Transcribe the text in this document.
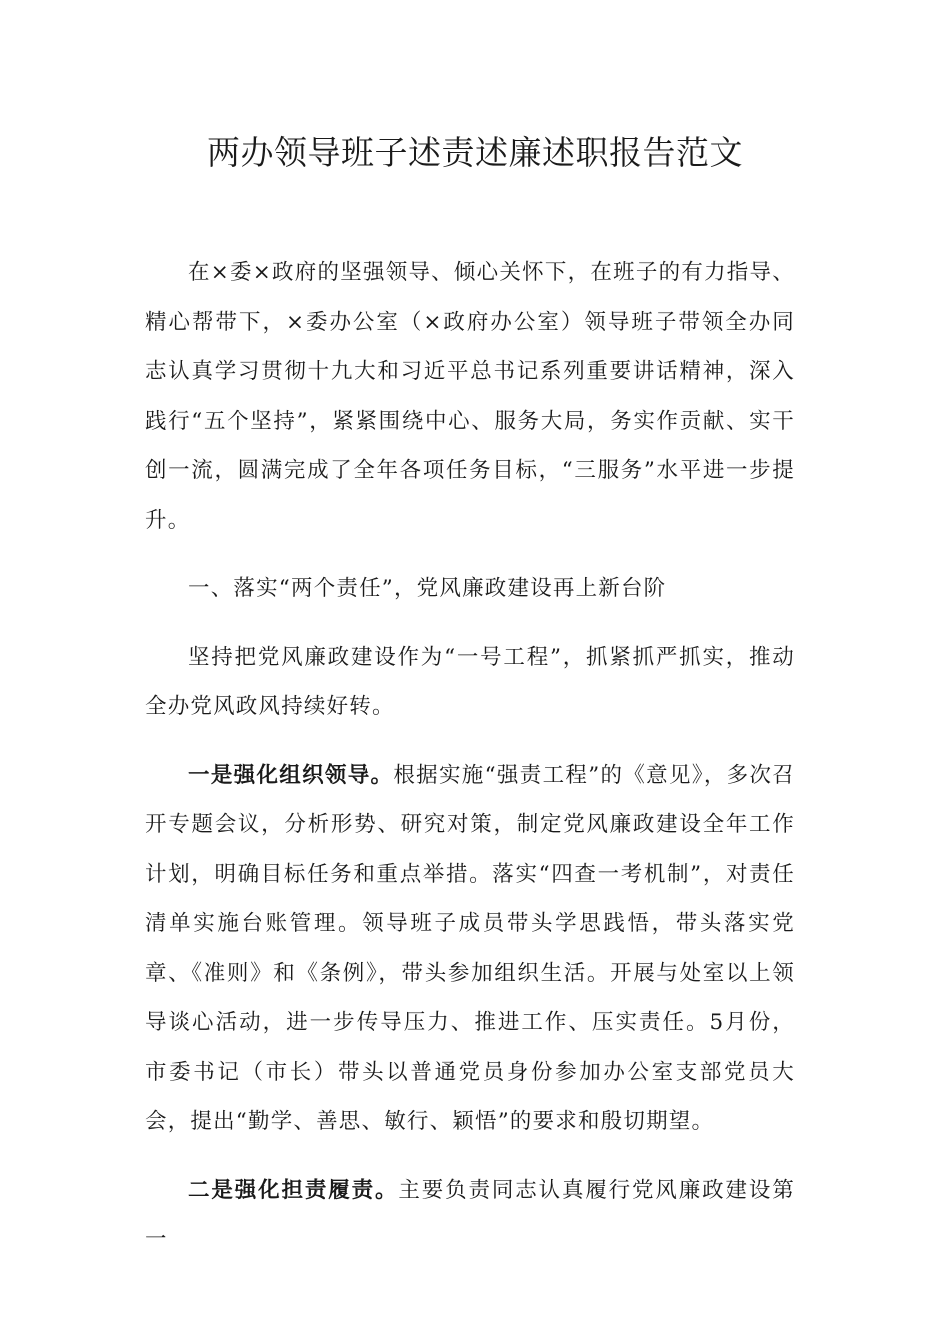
两办领导班子述责述廉述职报告范文

在×委×政府的坚强领导、倾心关怀下，在班子的有力指导、精心帮带下，×委办公室（×政府办公室）领导班子带领全办同志认真学习贯彻十九大和习近平总书记系列重要讲话精神，深入践行“五个坚持”，紧紧围绕中心、服务大局，务实作贡献、实干创一流，圆满完成了全年各项任务目标，“三服务”水平进一步提升。

一、落实“两个责任”，党风廉政建设再上新台阶

坚持把党风廉政建设作为“一号工程”，抓紧抓严抓实，推动全办党风政风持续好转。

一是强化组织领导。根据实施“强责工程”的《意见》，多次召开专题会议，分析形势、研究对策，制定党风廉政建设全年工作计划，明确目标任务和重点举措。落实“四查一考机制”，对责任清单实施台账管理。领导班子成员带头学思践悟，带头落实党章、《准则》和《条例》，带头参加组织生活。开展与处室以上领导谈心活动，进一步传导压力、推进工作、压实责任。5月份，市委书记（市长）带头以普通党员身份参加办公室支部党员大会，提出“勤学、善思、敏行、颖悟”的要求和殷切期望。

二是强化担责履责。主要负责同志认真履行党风廉政建设第一
